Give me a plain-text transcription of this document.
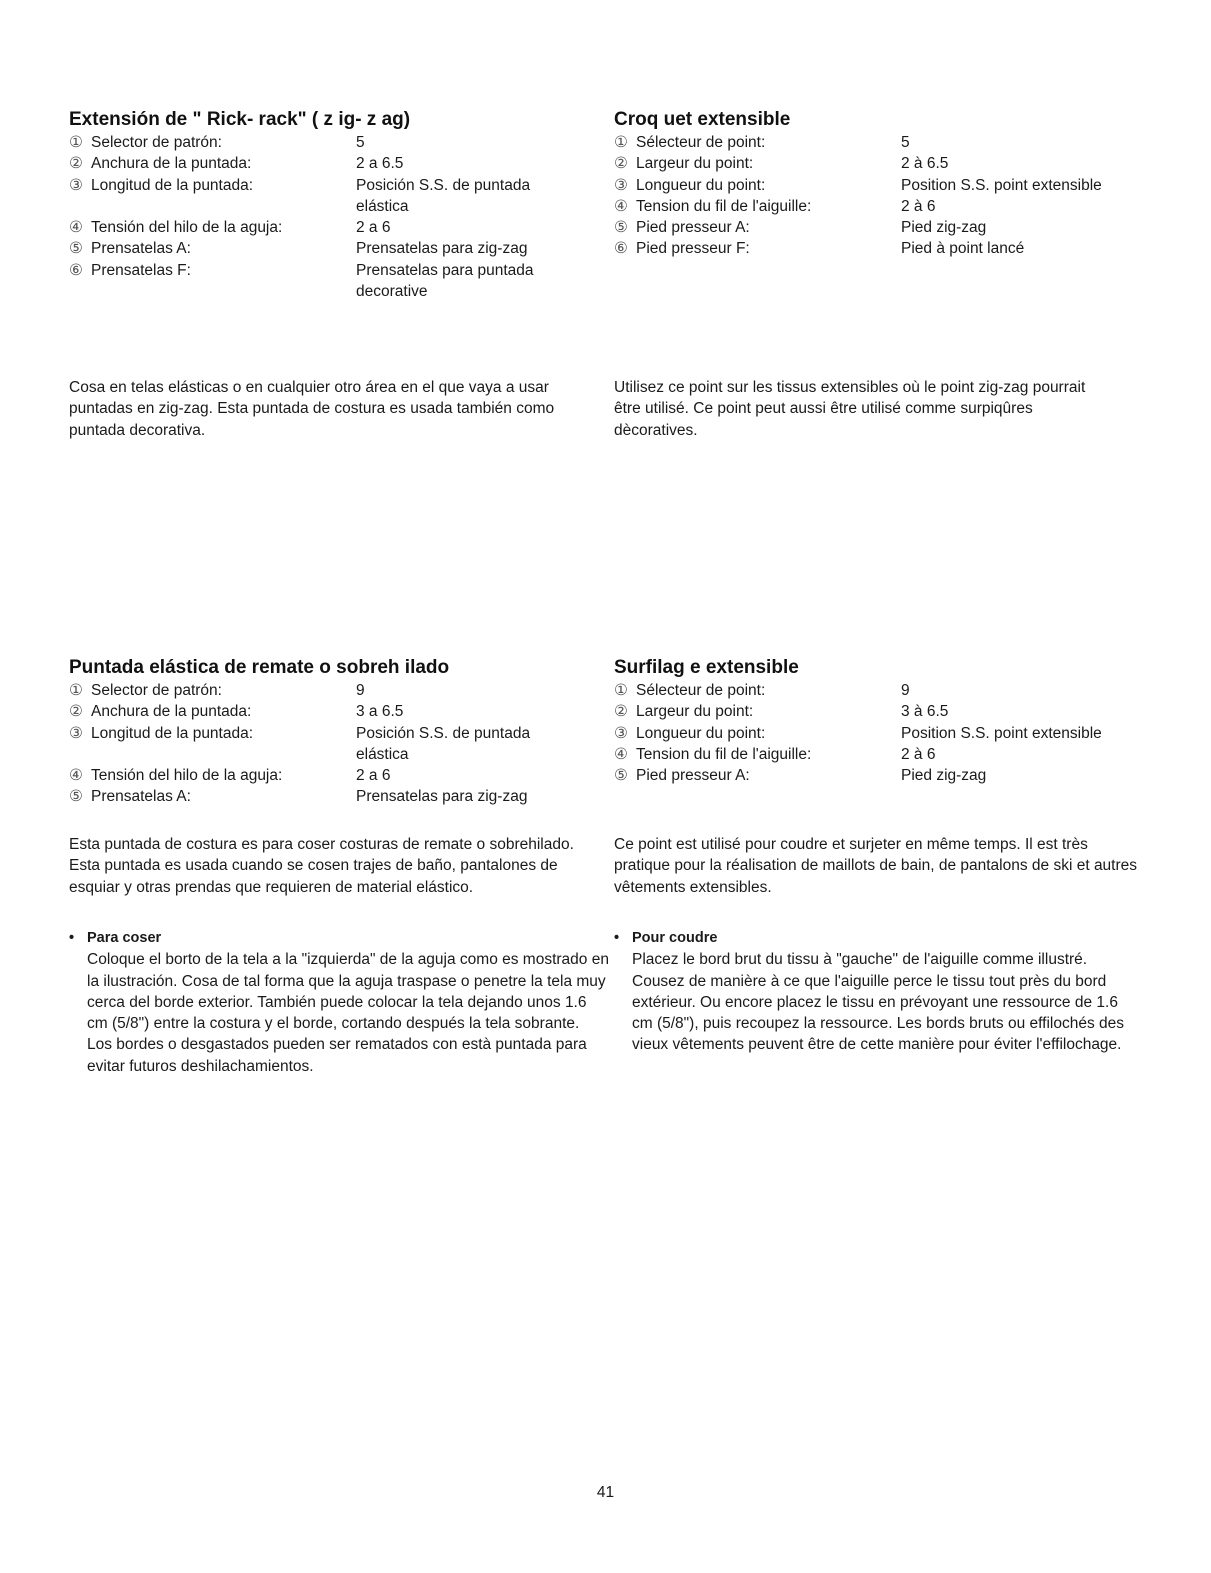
Extensión de " Rick- rack" ( z ig- z ag)
① Selector de patrón:	5
② Anchura de la puntada:	2 a 6.5
③ Longitud de la puntada:	Posición S.S. de puntada elástica
④ Tensión del hilo de la aguja:	2 a 6
⑤ Prensatelas A:	Prensatelas para zig-zag
⑥ Prensatelas F:	Prensatelas para puntada decorative

Cosa en telas elásticas o en cualquier otro área en el que vaya a usar puntadas en zig-zag. Esta puntada de costura es usada también como puntada decorativa.

Croq uet extensible
① Sélecteur de point:	5
② Largeur du point:	2 à 6.5
③ Longueur du point:	Position S.S. point extensible
④ Tension du fil de l'aiguille:	2 à 6
⑤ Pied presseur A:	Pied zig-zag
⑥ Pied presseur F:	Pied à point lancé

Utilisez ce point sur les tissus extensibles où le point zig-zag pourrait être utilisé. Ce point peut aussi être utilisé comme surpiqûres dècoratives.

Puntada elástica de remate o sobreh ilado
① Selector de patrón:	9
② Anchura de la puntada:	3 a 6.5
③ Longitud de la puntada:	Posición S.S. de puntada elástica
④ Tensión del hilo de la aguja:	2 a 6
⑤ Prensatelas A:	Prensatelas para zig-zag

Esta puntada de costura es para coser costuras de remate o sobrehilado. Esta puntada es usada cuando se cosen trajes de baño, pantalones de esquiar y otras prendas que requieren de material elástico.

• Para coser

Coloque el borto de la tela a la "izquierda" de la aguja como es mostrado en la ilustración. Cosa de tal forma que la aguja traspase o penetre la tela muy cerca del borde exterior. También puede colocar la tela dejando unos 1.6 cm (5/8") entre la costura y el borde, cortando después la tela sobrante.

Los bordes o desgastados pueden ser rematados con està puntada para evitar futuros deshilachamientos.

Surfilag e extensible
① Sélecteur de point:	9
② Largeur du point:	3 à 6.5
③ Longueur du point:	Position S.S. point extensible
④ Tension du fil de l'aiguille:	2 à 6
⑤ Pied presseur A:	Pied zig-zag

Ce point est utilisé pour coudre et surjeter en même temps. Il est très pratique pour la réalisation de maillots de bain, de pantalons de ski et autres vêtements extensibles.

• Pour coudre

Placez le bord brut du tissu à "gauche" de l'aiguille comme illustré. Cousez de manière à ce que l'aiguille perce le tissu tout près du bord extérieur. Ou encore placez le tissu en prévoyant une ressource de 1.6 cm (5/8"), puis recoupez la ressource. Les bords bruts ou effilochés des vieux vêtements peuvent être de cette manière pour éviter l'effilochage.

41
